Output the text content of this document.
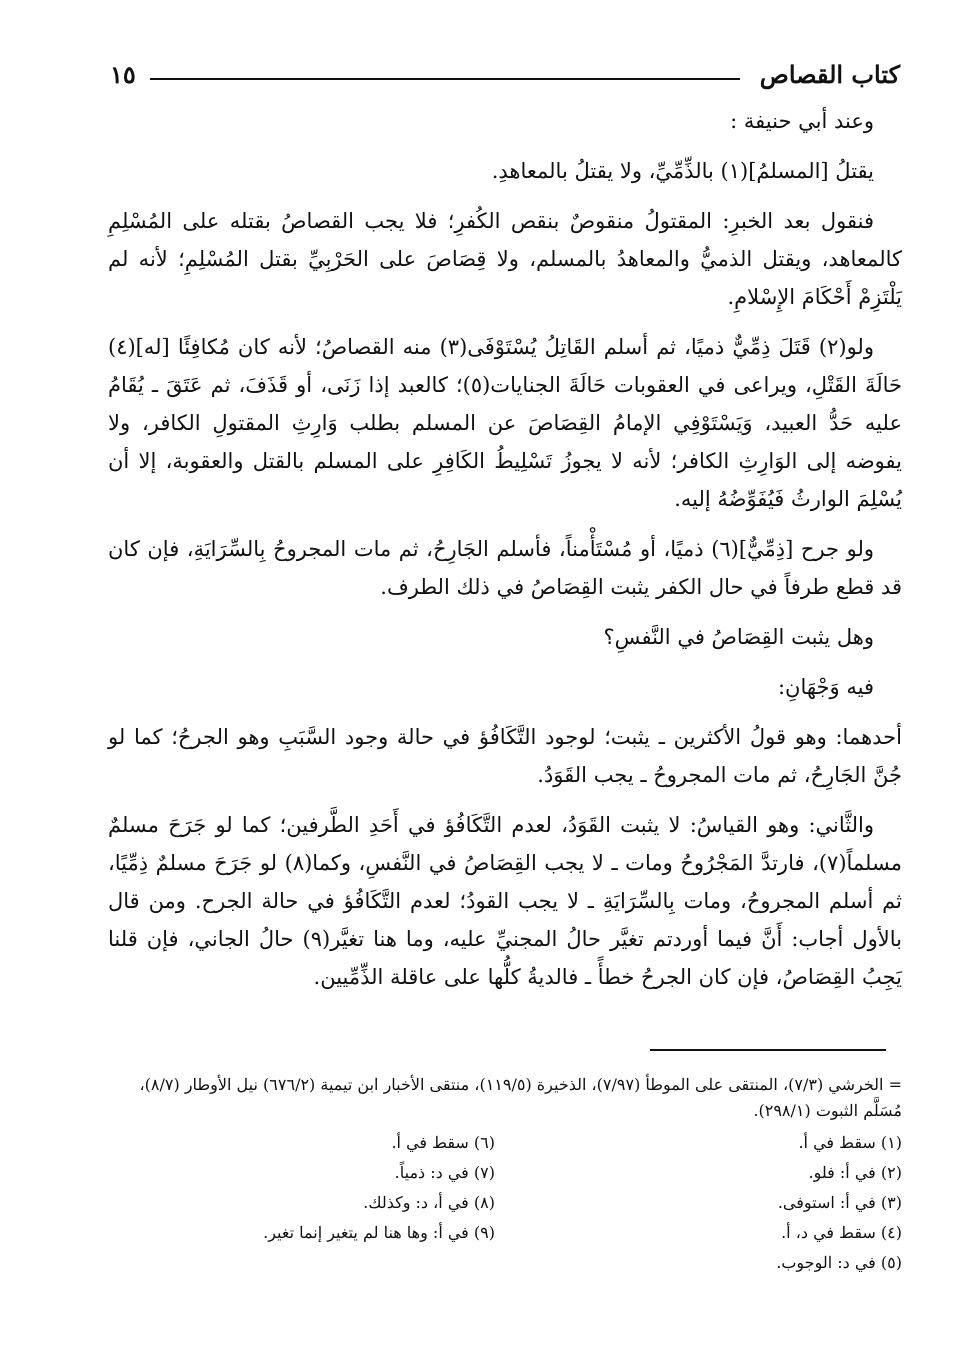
كتاب القصاص
١٥

وعند أبي حنيفة :

يقتلُ [المسلمُ](١) بالذِّمِّيِّ، ولا يقتلُ بالمعاهدِ.

فنقول بعد الخبرِ: المقتولُ منقوصٌ بنقص الكُفرِ؛ فلا يجب القصاصُ بقتله على المُسْلِمِ كالمعاهد، ويقتل الذميُّ والمعاهدُ بالمسلم، ولا قِصَاصَ على الحَرْبِيِّ بقتل المُسْلِمِ؛ لأنه لم يَلْتَزِمْ أَحْكَامَ الإِسْلامِ.

ولو(٢) قَتَلَ ذِمِّيٌّ ذميًا، ثم أسلم القَاتِلُ يُسْتَوْفَى(٣) منه القصاصُ؛ لأنه كان مُكافِئًا [له](٤) حَالَةَ القَتْلِ، ويراعى في العقوبات حَالَةَ الجنايات(٥)؛ كالعبد إذا زَنَى، أو قَذَفَ، ثم عَتَقَ ـ يُقَامُ عليه حَدُّ العبيد، وَيَسْتَوْفِي الإمامُ القِصَاصَ عن المسلم بطلب وَارِثِ المقتولِ الكافر، ولا يفوضه إلى الوَارِثِ الكافر؛ لأنه لا يجوزُ تَسْلِيطُ الكَافِرِ على المسلم بالقتل والعقوبة، إلا أن يُسْلِمَ الوارثُ فَيُفَوِّضُهُ إليه.

ولو جرح [ذِمِّيٌّ](٦) ذميًا، أو مُسْتَأْمناً، فأسلم الجَارِحُ، ثم مات المجروحُ بِالسِّرَايَةِ، فإن كان قد قطع طرفاً في حال الكفر يثبت القِصَاصُ في ذلك الطرف.

وهل يثبت القِصَاصُ في النَّفسِ؟

فيه وَجْهَانِ:

أحدهما: وهو قولُ الأكثرين ـ يثبت؛ لوجود التَّكَافُؤ في حالة وجود السَّبَبِ وهو الجرحُ؛ كما لو جُنَّ الجَارِحُ، ثم مات المجروحُ ـ يجب القَوَدُ.

والثَّاني: وهو القياسُ: لا يثبت القَوَدُ، لعدم التَّكَافُؤ في أَحَدِ الطَّرفين؛ كما لو جَرَحَ مسلمٌ مسلماً(٧)، فارتدَّ المَجْرُوحُ ومات ـ لا يجب القِصَاصُ في النَّفسِ، وكما(٨) لو جَرَحَ مسلمٌ ذِمِّيًا، ثم أسلم المجروحُ، ومات بِالسِّرَايَةِ ـ لا يجب القودُ؛ لعدم التَّكَافُؤ في حالة الجرح. ومن قال بالأول أجاب: أَنَّ فيما أوردتم تغيَّر حالُ المجنيِّ عليه، وما هنا تغيَّر(٩) حالُ الجاني، فإن قلنا يَجِبُ القِصَاصُ، فإن كان الجرحُ خطأً ـ فالديةُ كلُّها على عاقلة الذِّمِّيين.

= الخرشي (٧/٣)، المنتقى على الموطأ (٧/٩٧)، الذخيرة (١١٩/٥)، منتقى الأخبار ابن تيمية (٦٧٦/٢) نيل الأوطار (٨/٧)، مُسَلَّم الثبوت (٢٩٨/١).

(١) سقط في أ.
(٦) سقط في أ.
(٢) في أ: فلو.
(٧) في د: ذمياً.
(٣) في أ: استوفى.
(٨) في أ، د: وكذلك.
(٤) سقط في د، أ.
(٩) في أ: وها هنا لم يتغير إنما تغير.
(٥) في د: الوجوب.
